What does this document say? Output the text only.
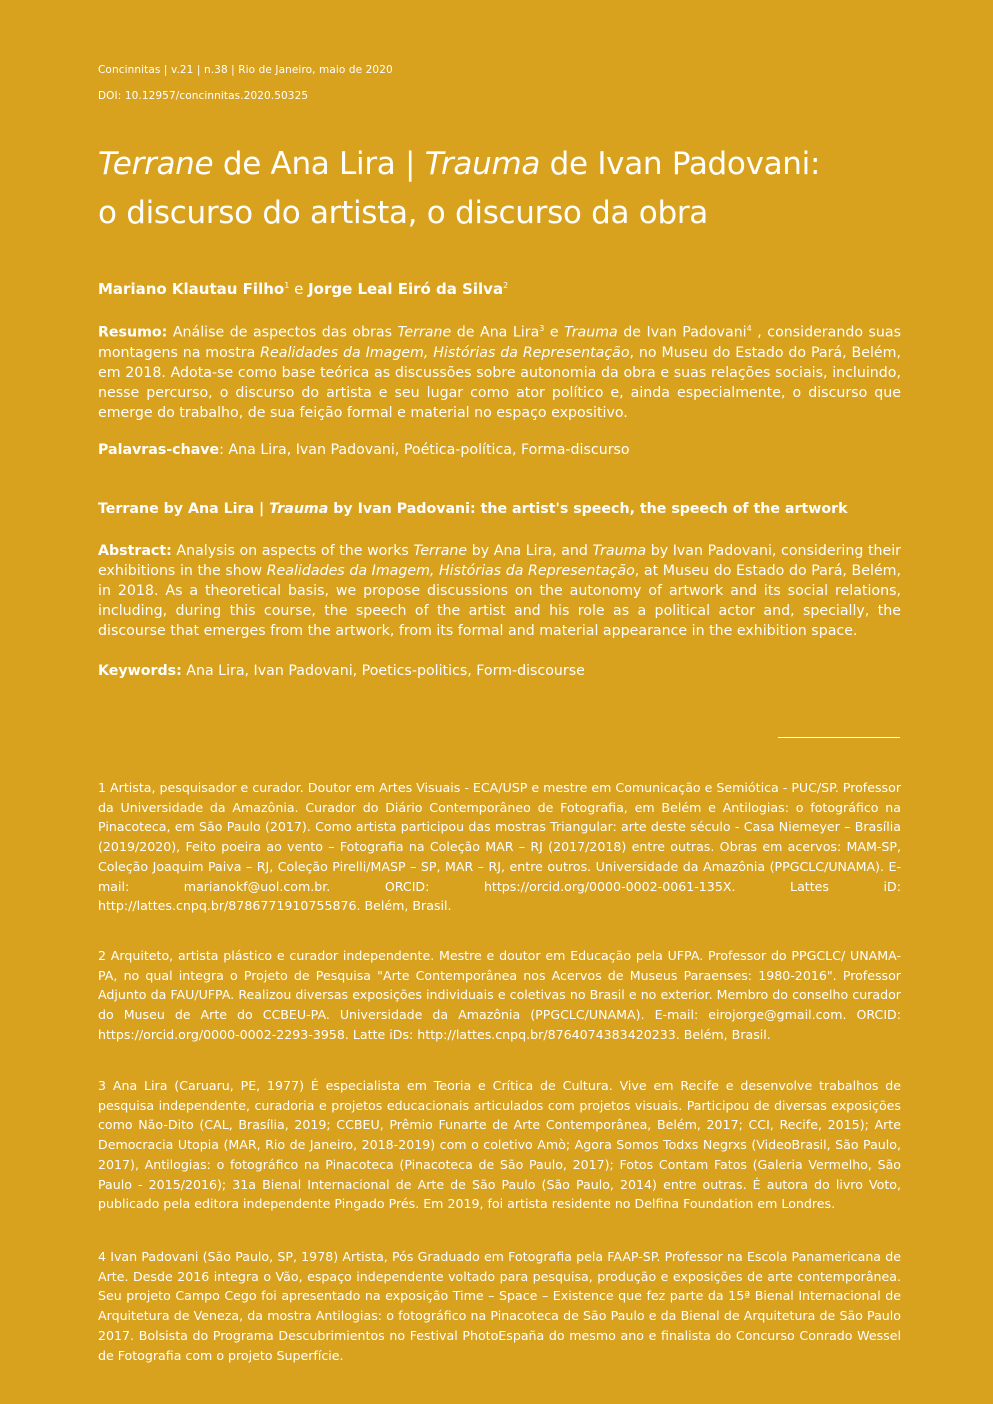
Concinnitas | v.21 | n.38 | Rio de Janeiro, maio de 2020
DOI: 10.12957/concinnitas.2020.50325
Terrane de Ana Lira | Trauma de Ivan Padovani:
o discurso do artista, o discurso da obra
Mariano Klautau Filho$^1$ e Jorge Leal Eiró da Silva$^2$
Resumo: Análise de aspectos das obras Terrane de Ana Lira$^3$ e Trauma de Ivan Padovani$^4$ , considerando suas montagens na mostra Realidades da Imagem, Histórias da Representação, no Museu do Estado do Pará, Belém, em 2018. Adota-se como base teórica as discussões sobre autonomia da obra e suas relações sociais, incluindo, nesse percurso, o discurso do artista e seu lugar como ator político e, ainda especialmente, o discurso que emerge do trabalho, de sua feição formal e material no espaço expositivo.
Palavras-chave: Ana Lira, Ivan Padovani, Poética-política, Forma-discurso
Terrane by Ana Lira | Trauma by Ivan Padovani: the artist's speech, the speech of the artwork
Abstract: Analysis on aspects of the works Terrane by Ana Lira, and Trauma by Ivan Padovani, considering their exhibitions in the show Realidades da Imagem, Histórias da Representação, at Museu do Estado do Pará, Belém, in 2018. As a theoretical basis, we propose discussions on the autonomy of artwork and its social relations, including, during this course, the speech of the artist and his role as a political actor and, specially, the discourse that emerges from the artwork, from its formal and material appearance in the exhibition space.
Keywords: Ana Lira, Ivan Padovani, Poetics-politics, Form-discourse
1 Artista, pesquisador e curador. Doutor em Artes Visuais - ECA/USP e mestre em Comunicação e Semiótica - PUC/SP. Professor da Universidade da Amazônia. Curador do Diário Contemporâneo de Fotografia, em Belém e Antilogias: o fotográfico na Pinacoteca, em São Paulo (2017). Como artista participou das mostras Triangular: arte deste século - Casa Niemeyer – Brasília (2019/2020), Feito poeira ao vento – Fotografia na Coleção MAR – RJ (2017/2018) entre outras. Obras em acervos: MAM-SP, Coleção Joaquim Paiva – RJ, Coleção Pirelli/MASP – SP, MAR – RJ, entre outros. Universidade da Amazônia (PPGCLC/UNAMA). E-mail: marianokf@uol.com.br. ORCID: https://orcid.org/0000-0002-0061-135X. Lattes iD: http://lattes.cnpq.br/8786771910755876. Belém, Brasil.
2 Arquiteto, artista plástico e curador independente. Mestre e doutor em Educação pela UFPA. Professor do PPGCLC/ UNAMA-PA, no qual integra o Projeto de Pesquisa "Arte Contemporânea nos Acervos de Museus Paraenses: 1980-2016". Professor Adjunto da FAU/UFPA. Realizou diversas exposições individuais e coletivas no Brasil e no exterior. Membro do conselho curador do Museu de Arte do CCBEU-PA. Universidade da Amazônia (PPGCLC/UNAMA). E-mail: eirojorge@gmail.com. ORCID: https://orcid.org/0000-0002-2293-3958. Latte iDs: http://lattes.cnpq.br/8764074383420233. Belém, Brasil.
3 Ana Lira (Caruaru, PE, 1977) É especialista em Teoria e Crítica de Cultura. Vive em Recife e desenvolve trabalhos de pesquisa independente, curadoria e projetos educacionais articulados com projetos visuais. Participou de diversas exposições como Não-Dito (CAL, Brasília, 2019; CCBEU, Prêmio Funarte de Arte Contemporânea, Belém, 2017; CCI, Recife, 2015); Arte Democracia Utopia (MAR, Rio de Janeiro, 2018-2019) com o coletivo Amò; Agora Somos Todxs Negrxs (VideoBrasil, São Paulo, 2017), Antilogias: o fotográfico na Pinacoteca (Pinacoteca de São Paulo, 2017); Fotos Contam Fatos (Galeria Vermelho, São Paulo - 2015/2016); 31a Bienal Internacional de Arte de São Paulo (São Paulo, 2014) entre outras. É autora do livro Voto, publicado pela editora independente Pingado Prés. Em 2019, foi artista residente no Delfina Foundation em Londres.
4 Ivan Padovani (São Paulo, SP, 1978) Artista, Pós Graduado em Fotografia pela FAAP-SP. Professor na Escola Panamericana de Arte. Desde 2016 integra o Vão, espaço independente voltado para pesquisa, produção e exposições de arte contemporânea. Seu projeto Campo Cego foi apresentado na exposição Time – Space – Existence que fez parte da 15ª Bienal Internacional de Arquitetura de Veneza, da mostra Antilogias: o fotográfico na Pinacoteca de São Paulo e da Bienal de Arquitetura de São Paulo 2017. Bolsista do Programa Descubrimientos no Festival PhotoEspaña do mesmo ano e finalista do Concurso Conrado Wessel de Fotografia com o projeto Superfície.
